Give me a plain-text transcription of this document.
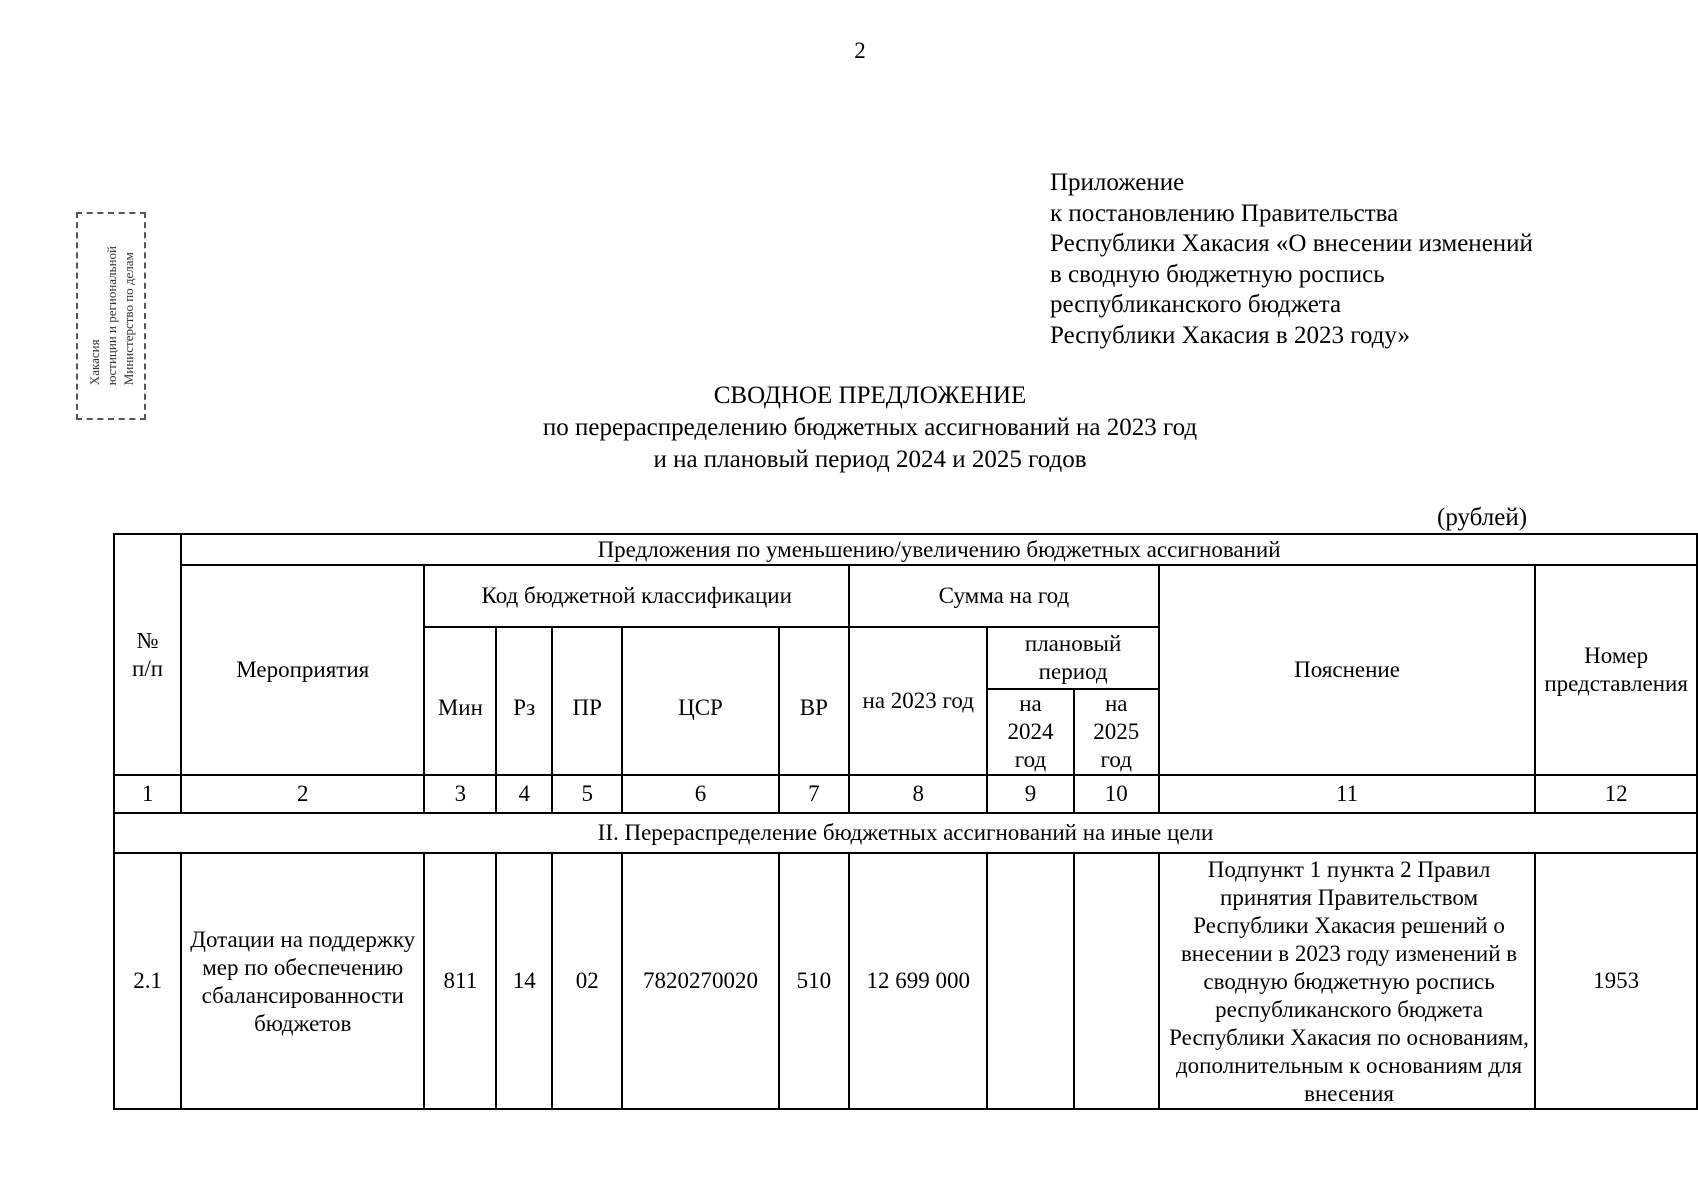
2
Хакасия юстиции и региональной Министерство по делам
Приложение
к постановлению Правительства
Республики Хакасия «О внесении изменений
в сводную бюджетную роспись
республиканского бюджета
Республики Хакасия в 2023 году»
СВОДНОЕ ПРЕДЛОЖЕНИЕ
по перераспределению бюджетных ассигнований на 2023 год
и на плановый период 2024 и 2025 годов
(рублей)
№ п/п	Предложения по уменьшению/увеличению бюджетных ассигнований										
	Мероприятия	Код бюджетной классификации					Сумма на год			Пояснение	Номер представления
		Мин	Рз	ПР	ЦСР	ВР	на 2023 год	плановый период			
								на 2024 год	на 2025 год		

1	2	3	4	5	6	7	8	9	10	11	12
II. Перераспределение бюджетных ассигнований на иные цели											
2.1	Дотации на поддержку мер по обеспечению сбалансированности бюджетов	811	14	02	7820270020	510	12 699 000			Подпункт 1 пункта 2 Правил принятия Правительством Республики Хакасия решений о внесении в 2023 году изменений в сводную бюджетную роспись республиканского бюджета Республики Хакасия по основаниям, дополнительным к основаниям для внесения	1953
